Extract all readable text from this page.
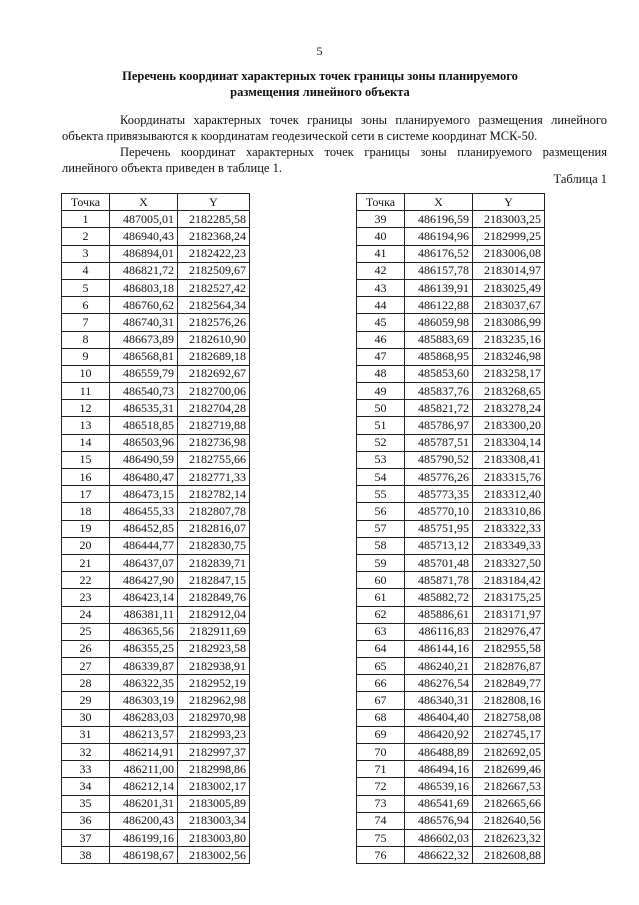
5
Перечень координат характерных точек границы зоны планируемого
размещения линейного объекта

Координаты характерных точек границы зоны планируемого размещения линейного объекта привязываются к координатам геодезической сети в системе координат МСК-50.

Перечень координат характерных точек границы зоны планируемого размещения линейного объекта приведен в таблице 1.

Таблица 1
Точка	X	Y
1	487005,01	2182285,58
2	486940,43	2182368,24
3	486894,01	2182422,23
4	486821,72	2182509,67
5	486803,18	2182527,42
6	486760,62	2182564,34
7	486740,31	2182576,26
8	486673,89	2182610,90
9	486568,81	2182689,18
10	486559,79	2182692,67
11	486540,73	2182700,06
12	486535,31	2182704,28
13	486518,85	2182719,88
14	486503,96	2182736,98
15	486490,59	2182755,66
16	486480,47	2182771,33
17	486473,15	2182782,14
18	486455,33	2182807,78
19	486452,85	2182816,07
20	486444,77	2182830,75
21	486437,07	2182839,71
22	486427,90	2182847,15
23	486423,14	2182849,76
24	486381,11	2182912,04
25	486365,56	2182911,69
26	486355,25	2182923,58
27	486339,87	2182938,91
28	486322,35	2182952,19
29	486303,19	2182962,98
30	486283,03	2182970,98
31	486213,57	2182993,23
32	486214,91	2182997,37
33	486211,00	2182998,86
34	486212,14	2183002,17
35	486201,31	2183005,89
36	486200,43	2183003,34
37	486199,16	2183003,80
38	486198,67	2183002,56
Точка	X	Y
39	486196,59	2183003,25
40	486194,96	2182999,25
41	486176,52	2183006,08
42	486157,78	2183014,97
43	486139,91	2183025,49
44	486122,88	2183037,67
45	486059,98	2183086,99
46	485883,69	2183235,16
47	485868,95	2183246,98
48	485853,60	2183258,17
49	485837,76	2183268,65
50	485821,72	2183278,24
51	485786,97	2183300,20
52	485787,51	2183304,14
53	485790,52	2183308,41
54	485776,26	2183315,76
55	485773,35	2183312,40
56	485770,10	2183310,86
57	485751,95	2183322,33
58	485713,12	2183349,33
59	485701,48	2183327,50
60	485871,78	2183184,42
61	485882,72	2183175,25
62	485886,61	2183171,97
63	486116,83	2182976,47
64	486144,16	2182955,58
65	486240,21	2182876,87
66	486276,54	2182849,77
67	486340,31	2182808,16
68	486404,40	2182758,08
69	486420,92	2182745,17
70	486488,89	2182692,05
71	486494,16	2182699,46
72	486539,16	2182667,53
73	486541,69	2182665,66
74	486576,94	2182640,56
75	486602,03	2182623,32
76	486622,32	2182608,88
